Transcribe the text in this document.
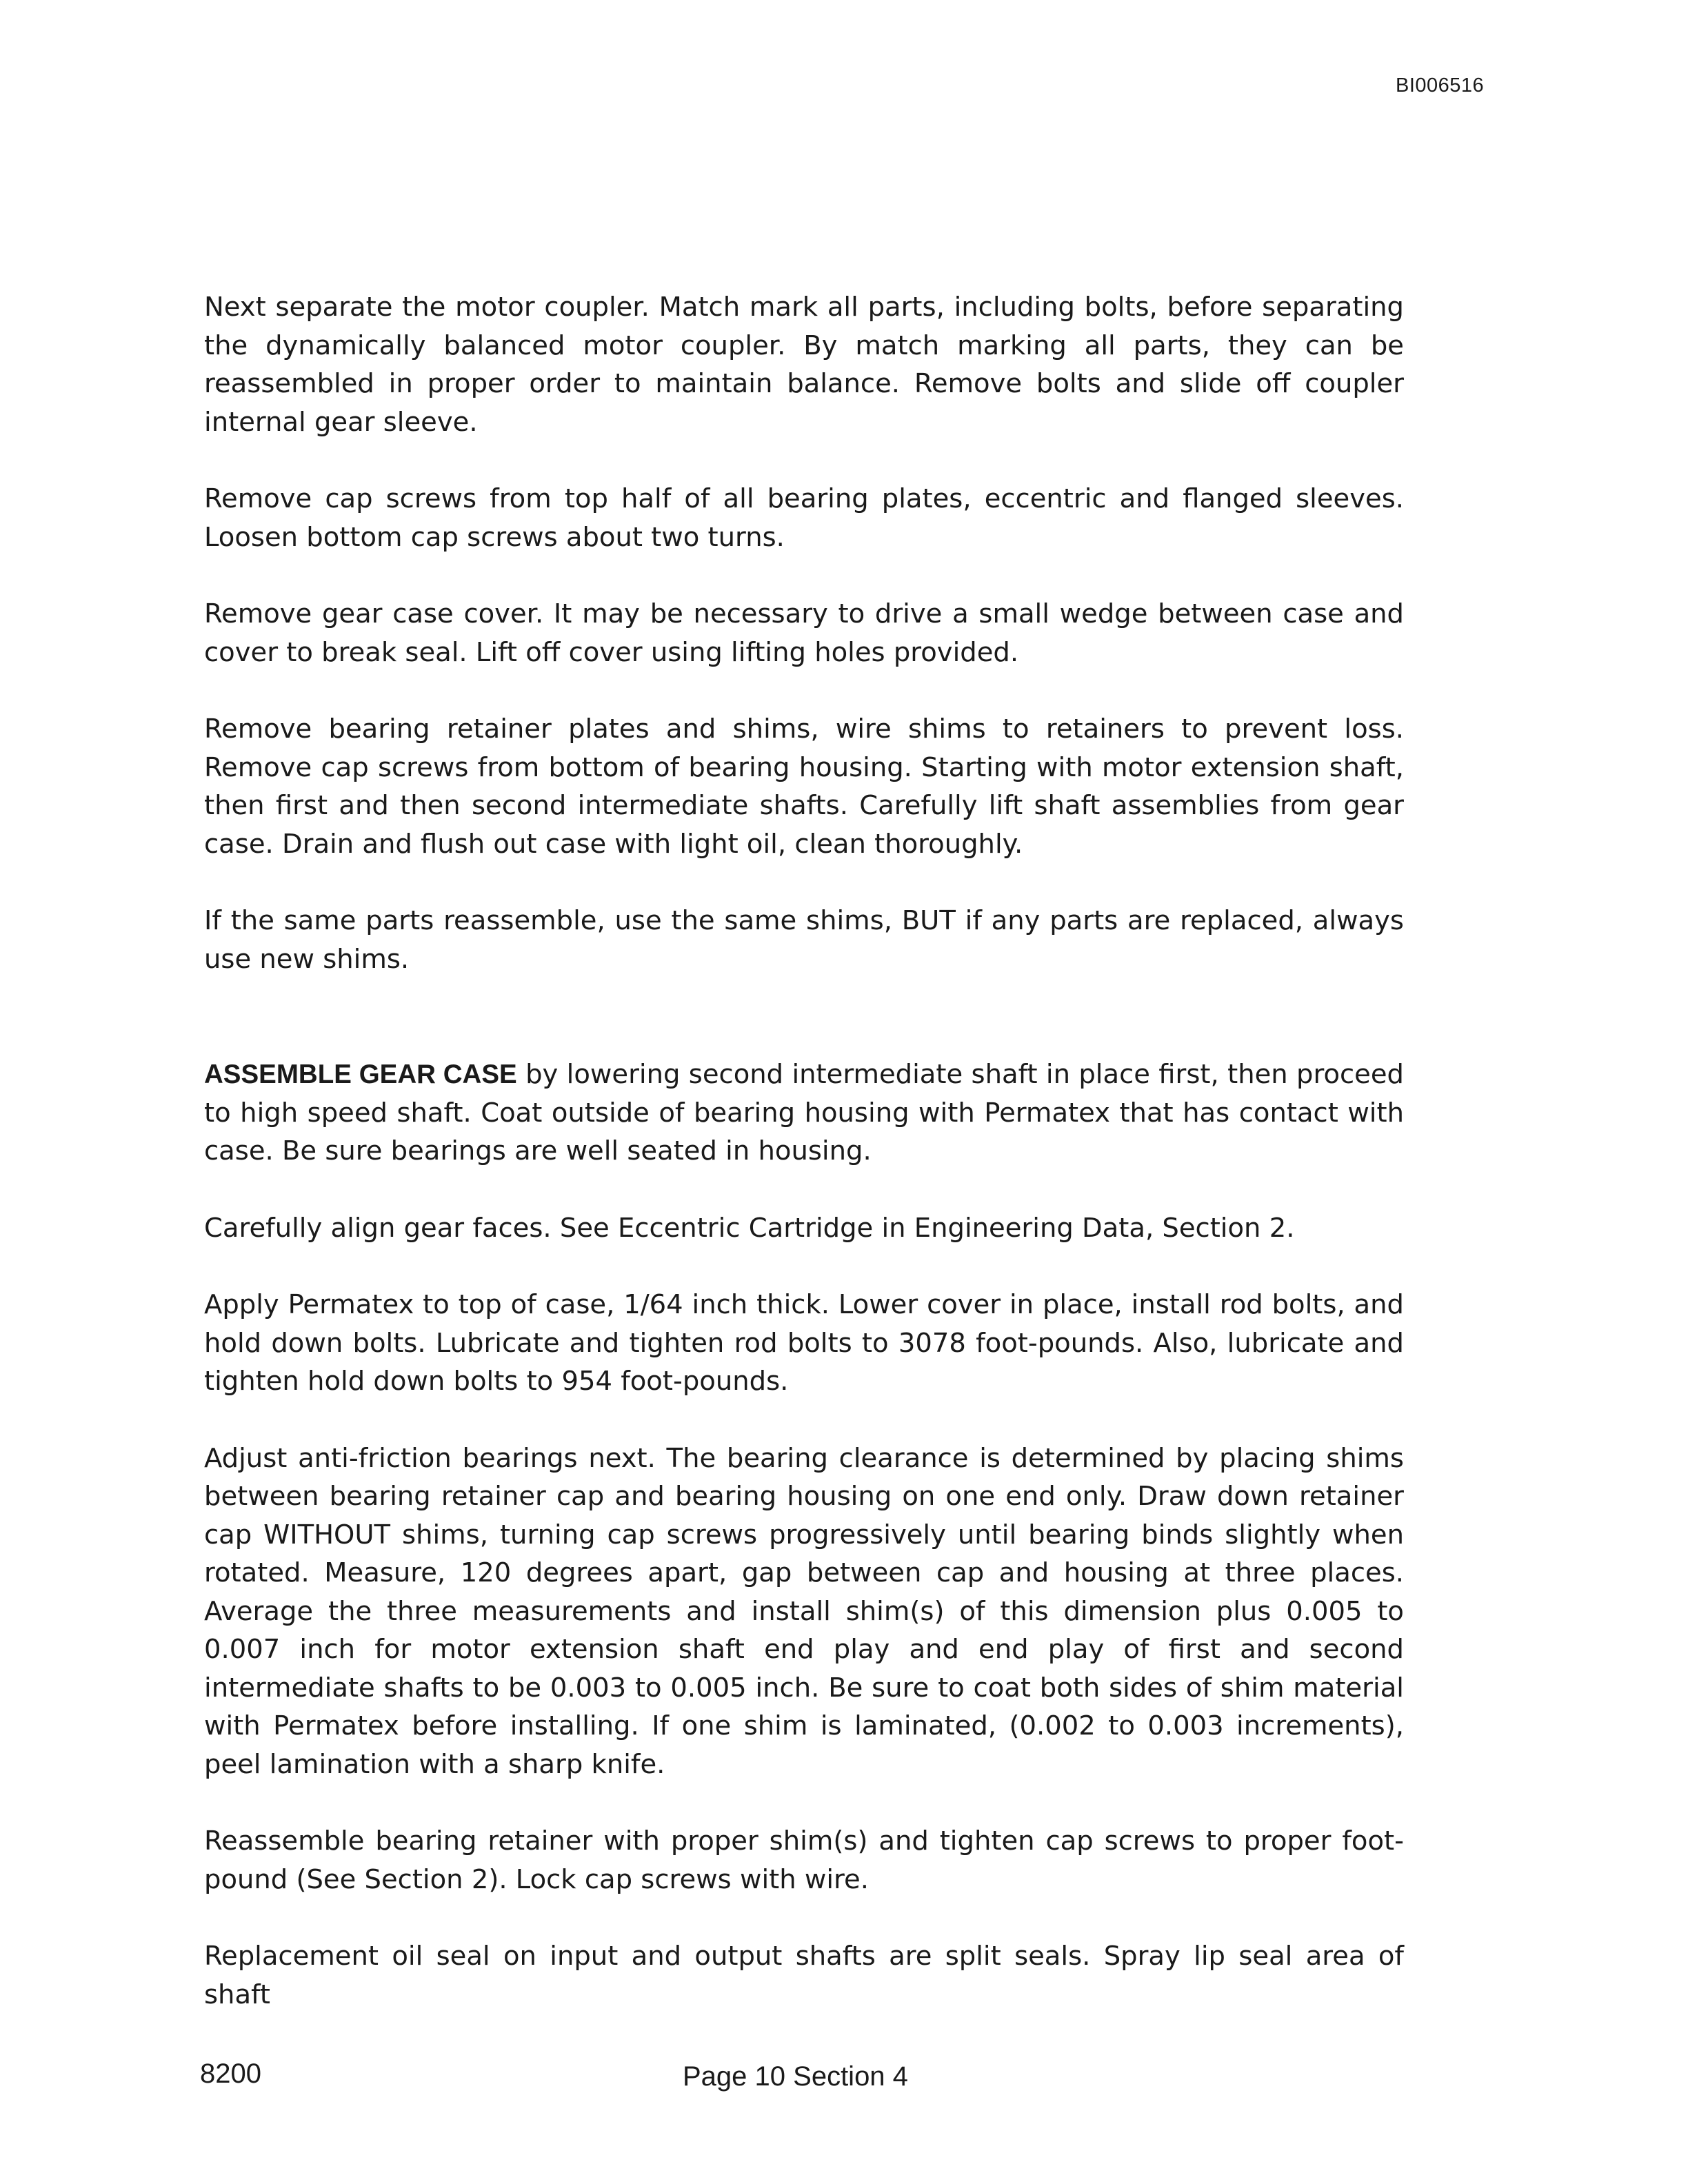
BI006516

Next separate the motor coupler. Match mark all parts, including bolts, before separating the dynamically balanced motor coupler. By match marking all parts, they can be reassembled in proper order to maintain balance. Remove bolts and slide off coupler internal gear sleeve.

Remove cap screws from top half of all bearing plates, eccentric and flanged sleeves. Loosen bottom cap screws about two turns.

Remove gear case cover. It may be necessary to drive a small wedge between case and cover to break seal. Lift off cover using lifting holes provided.

Remove bearing retainer plates and shims, wire shims to retainers to prevent loss. Remove cap screws from bottom of bearing housing. Starting with motor extension shaft, then first and then second intermediate shafts. Carefully lift shaft assemblies from gear case. Drain and flush out case with light oil, clean thoroughly.

If the same parts reassemble, use the same shims, BUT if any parts are replaced, always use new shims.

ASSEMBLE GEAR CASE by lowering second intermediate shaft in place first, then proceed to high speed shaft. Coat outside of bearing housing with Permatex that has contact with case. Be sure bearings are well seated in housing.

Carefully align gear faces. See Eccentric Cartridge in Engineering Data, Section 2.

Apply Permatex to top of case, 1/64 inch thick. Lower cover in place, install rod bolts, and hold down bolts. Lubricate and tighten rod bolts to 3078 foot-pounds. Also, lubricate and tighten hold down bolts to 954 foot-pounds.

Adjust anti-friction bearings next. The bearing clearance is determined by placing shims between bearing retainer cap and bearing housing on one end only. Draw down retainer cap WITHOUT shims, turning cap screws progressively until bearing binds slightly when rotated. Measure, 120 degrees apart, gap between cap and housing at three places. Average the three measurements and install shim(s) of this dimension plus 0.005 to 0.007 inch for motor extension shaft end play and end play of first and second intermediate shafts to be 0.003 to 0.005 inch. Be sure to coat both sides of shim material with Permatex before installing. If one shim is laminated, (0.002 to 0.003 increments), peel lamination with a sharp knife.

Reassemble bearing retainer with proper shim(s) and tighten cap screws to proper foot-pound (See Section 2). Lock cap screws with wire.

Replacement oil seal on input and output shafts are split seals. Spray lip seal area of shaft

8200	Page 10 Section 4
